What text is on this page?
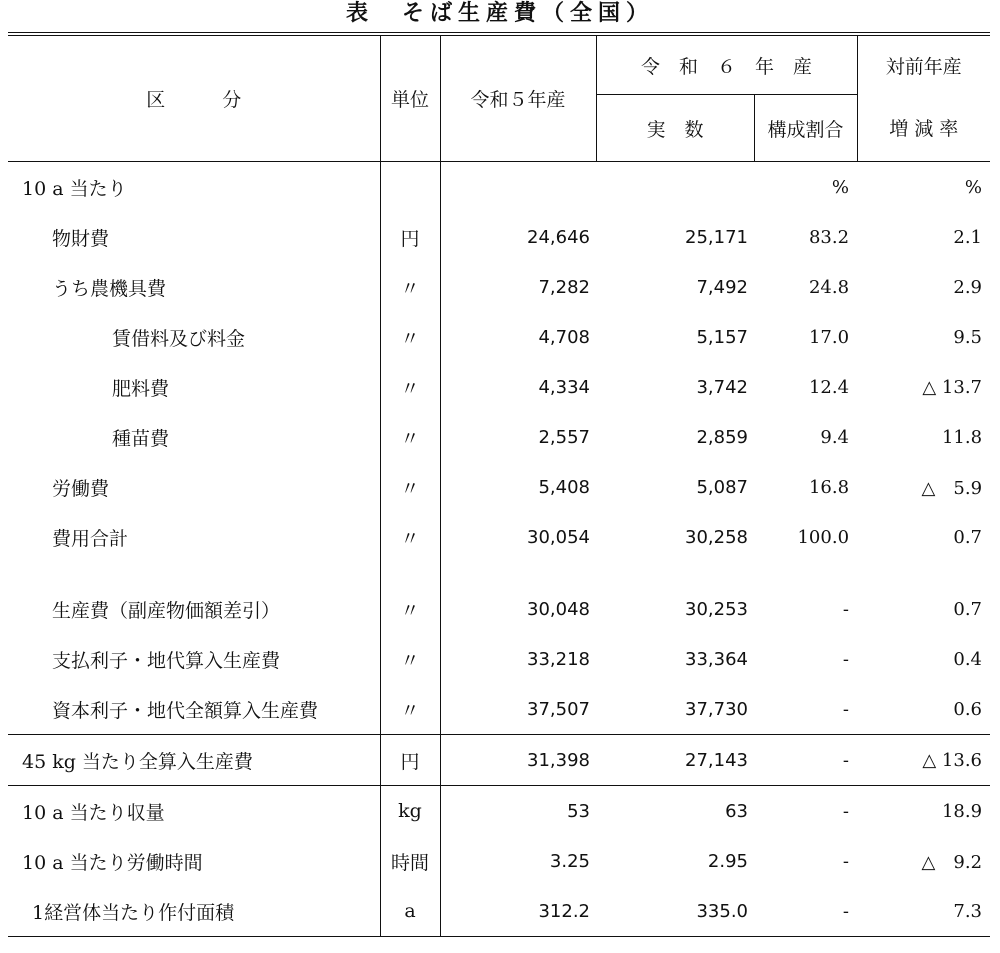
表　そば生産費（全国）
区　　　分	単位	令和５年産	令　和　６　年　産		対前年産
			実　数	構成割合	増 減 率
10 a 当たり				%	%
物財費	円	24,646	25,171	83.2	2.1
うち農機具費	〃	7,282	7,492	24.8	2.9
賃借料及び料金	〃	4,708	5,157	17.0	9.5
肥料費	〃	4,334	3,742	12.4	△ 13.7
種苗費	〃	2,557	2,859	9.4	11.8
労働費	〃	5,408	5,087	16.8	△　5.9
費用合計	〃	30,054	30,258	100.0	0.7

生産費（副産物価額差引）	〃	30,048	30,253	-	0.7
支払利子・地代算入生産費	〃	33,218	33,364	-	0.4
資本利子・地代全額算入生産費	〃	37,507	37,730	-	0.6
45 kg 当たり全算入生産費	円	31,398	27,143	-	△ 13.6
10 a 当たり収量	kg	53	63	-	18.9
10 a 当たり労働時間	時間	3.25	2.95	-	△　9.2
1経営体当たり作付面積	a	312.2	335.0	-	7.3
